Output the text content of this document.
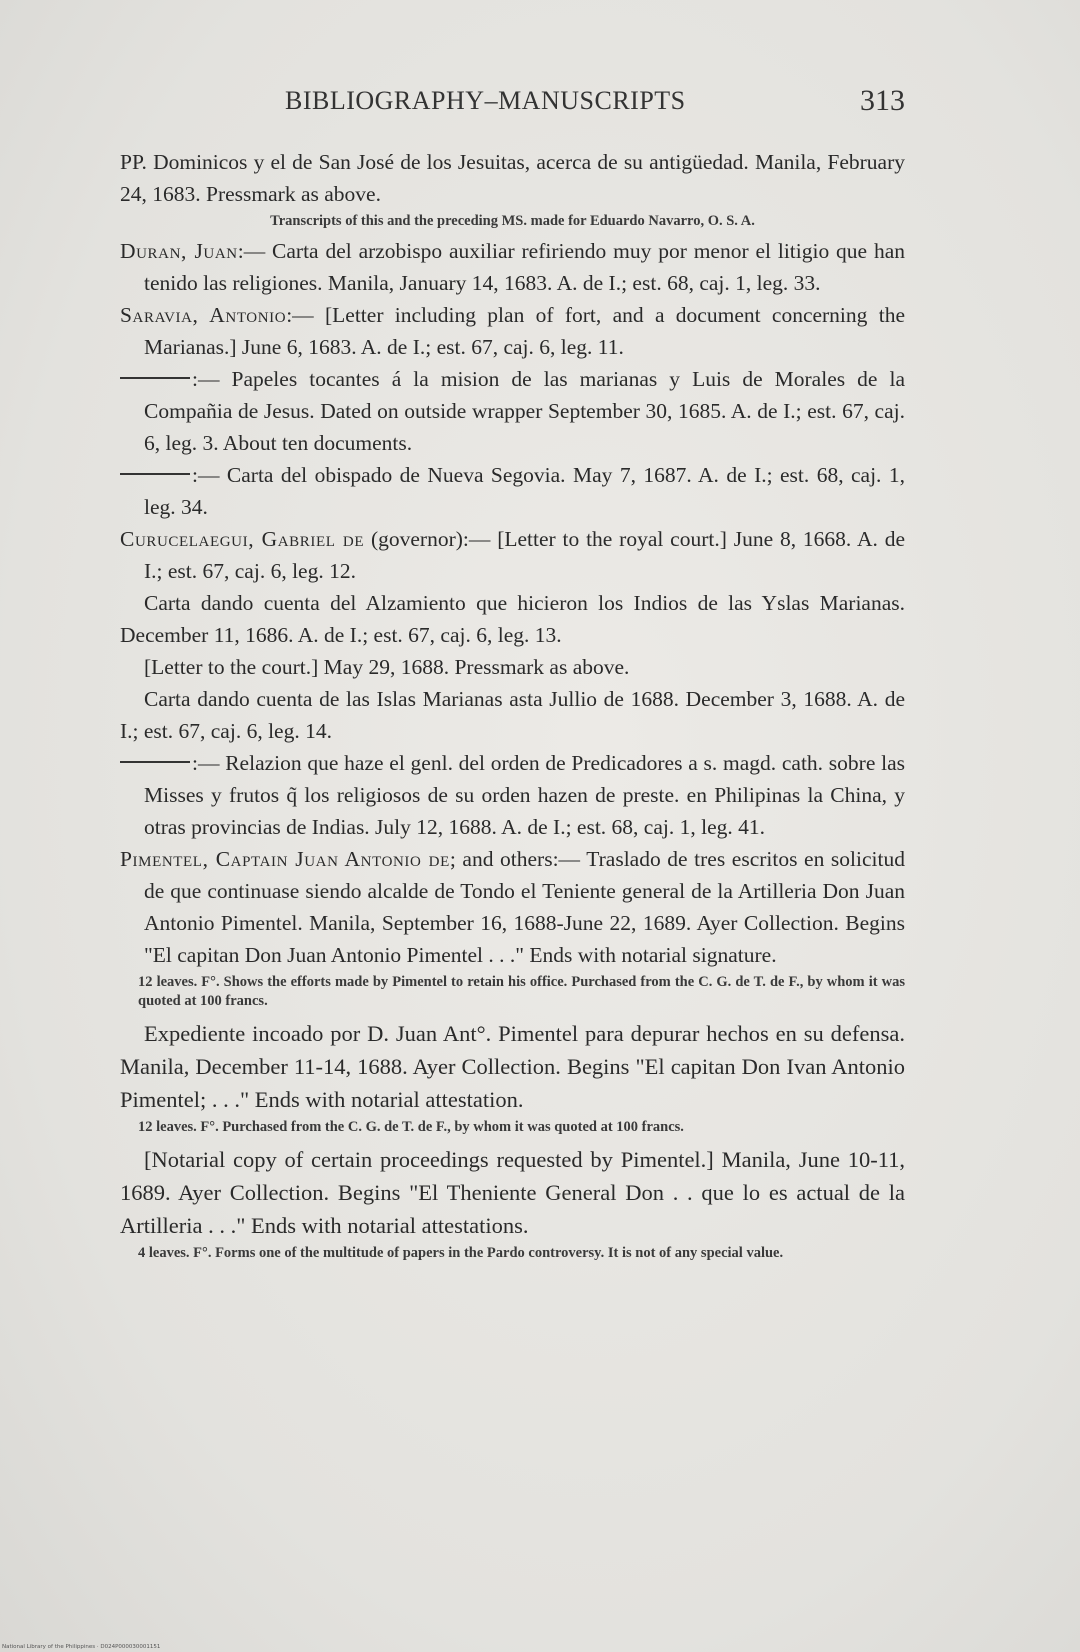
BIBLIOGRAPHY–MANUSCRIPTS	313

PP. Dominicos y el de San José de los Jesuitas, acerca de su antigüedad. Manila, February 24, 1683. Pressmark as above.

Transcripts of this and the preceding MS. made for Eduardo Navarro, O. S. A.

Duran, Juan:— Carta del arzobispo auxiliar refiriendo muy por menor el litigio que han tenido las religiones. Manila, January 14, 1683. A. de I.; est. 68, caj. 1, leg. 33.

Saravia, Antonio:— [Letter including plan of fort, and a document concerning the Marianas.] June 6, 1683. A. de I.; est. 67, caj. 6, leg. 11.

:— Papeles tocantes á la mision de las marianas y Luis de Morales de la Compañia de Jesus. Dated on outside wrapper September 30, 1685. A. de I.; est. 67, caj. 6, leg. 3. About ten documents.

:— Carta del obispado de Nueva Segovia. May 7, 1687. A. de I.; est. 68, caj. 1, leg. 34.

Curucelaegui, Gabriel de (governor):— [Letter to the royal court.] June 8, 1668. A. de I.; est. 67, caj. 6, leg. 12.

Carta dando cuenta del Alzamiento que hicieron los Indios de las Yslas Marianas. December 11, 1686. A. de I.; est. 67, caj. 6, leg. 13.

[Letter to the court.] May 29, 1688. Pressmark as above.

Carta dando cuenta de las Islas Marianas asta Jullio de 1688. December 3, 1688. A. de I.; est. 67, caj. 6, leg. 14.

:— Relazion que haze el genl. del orden de Predicadores a s. magd. cath. sobre las Misses y frutos q̃ los religiosos de su orden hazen de preste. en Philipinas la China, y otras provincias de Indias. July 12, 1688. A. de I.; est. 68, caj. 1, leg. 41.

Pimentel, Captain Juan Antonio de; and others:— Traslado de tres escritos en solicitud de que continuase siendo alcalde de Tondo el Teniente general de la Artilleria Don Juan Antonio Pimentel. Manila, September 16, 1688-June 22, 1689. Ayer Collection. Begins "El capitan Don Juan Antonio Pimentel . . ." Ends with notarial signature.

12 leaves. F°. Shows the efforts made by Pimentel to retain his office. Purchased from the C. G. de T. de F., by whom it was quoted at 100 francs.

Expediente incoado por D. Juan Ant°. Pimentel para depurar hechos en su defensa. Manila, December 11-14, 1688. Ayer Collection. Begins "El capitan Don Ivan Antonio Pimentel; . . ." Ends with notarial attestation.

12 leaves. F°. Purchased from the C. G. de T. de F., by whom it was quoted at 100 francs.

[Notarial copy of certain proceedings requested by Pimentel.] Manila, June 10-11, 1689. Ayer Collection. Begins "El Theniente General Don . . que lo es actual de la Artilleria . . ." Ends with notarial attestations.

4 leaves. F°. Forms one of the multitude of papers in the Pardo controversy. It is not of any special value.

National Library of the Philippines · D024P000030001151
